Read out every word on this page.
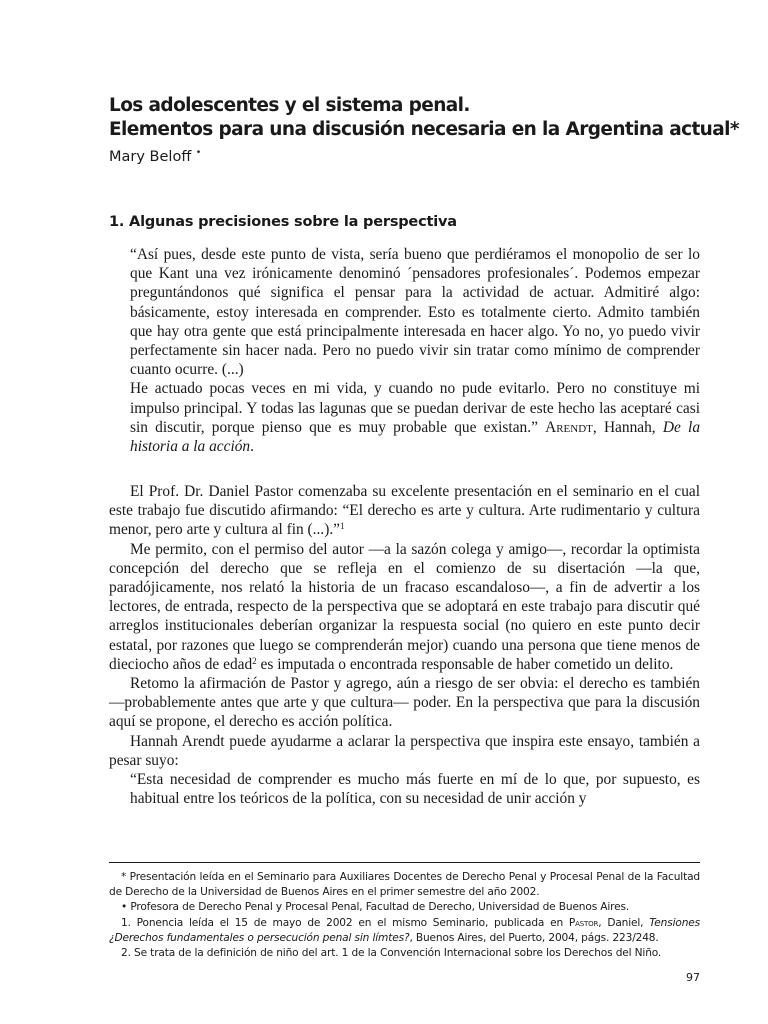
Los adolescentes y el sistema penal.
Elementos para una discusión necesaria en la Argentina actual*
Mary Beloff •
1. Algunas precisiones sobre la perspectiva

“Así pues, desde este punto de vista, sería bueno que perdiéramos el monopolio de ser lo que Kant una vez irónicamente denominó ´pensadores profesionales´. Podemos empezar preguntándonos qué significa el pensar para la actividad de actuar. Admitiré algo: básicamente, estoy interesada en comprender. Esto es totalmente cierto. Admito también que hay otra gente que está principalmente interesada en hacer algo. Yo no, yo puedo vivir perfectamente sin hacer nada. Pero no puedo vivir sin tratar como mínimo de comprender cuanto ocurre. (...)

He actuado pocas veces en mi vida, y cuando no pude evitarlo. Pero no constituye mi impulso principal. Y todas las lagunas que se puedan derivar de este hecho las aceptaré casi sin discutir, porque pienso que es muy probable que existan.” Arendt, Hannah, De la historia a la acción.

El Prof. Dr. Daniel Pastor comenzaba su excelente presentación en el seminario en el cual este trabajo fue discutido afirmando: “El derecho es arte y cultura. Arte rudimentario y cultura menor, pero arte y cultura al fin (...).”$^1$

Me permito, con el permiso del autor —a la sazón colega y amigo—, recordar la optimista concepción del derecho que se refleja en el comienzo de su disertación —la que, paradójicamente, nos relató la historia de un fracaso escandaloso—, a fin de advertir a los lectores, de entrada, respecto de la perspectiva que se adoptará en este trabajo para discutir qué arreglos institucionales deberían organizar la respuesta social (no quiero en este punto decir estatal, por razones que luego se comprenderán mejor) cuando una persona que tiene menos de dieciocho años de edad$^2$ es imputada o encontrada responsable de haber cometido un delito.

Retomo la afirmación de Pastor y agrego, aún a riesgo de ser obvia: el derecho es también —probablemente antes que arte y que cultura— poder. En la perspectiva que para la discusión aquí se propone, el derecho es acción política.

Hannah Arendt puede ayudarme a aclarar la perspectiva que inspira este ensayo, también a pesar suyo:

“Esta necesidad de comprender es mucho más fuerte en mí de lo que, por supuesto, es habitual entre los teóricos de la política, con su necesidad de unir acción y

* Presentación leída en el Seminario para Auxiliares Docentes de Derecho Penal y Procesal Penal de la Facultad de Derecho de la Universidad de Buenos Aires en el primer semestre del año 2002.

• Profesora de Derecho Penal y Procesal Penal, Facultad de Derecho, Universidad de Buenos Aires.

1. Ponencia leída el 15 de mayo de 2002 en el mismo Seminario, publicada en Pastor, Daniel, Tensiones ¿Derechos fundamentales o persecución penal sin límtes?, Buenos Aires, del Puerto, 2004, págs. 223/248.

2. Se trata de la definición de niño del art. 1 de la Convención Internacional sobre los Derechos del Niño.

97
